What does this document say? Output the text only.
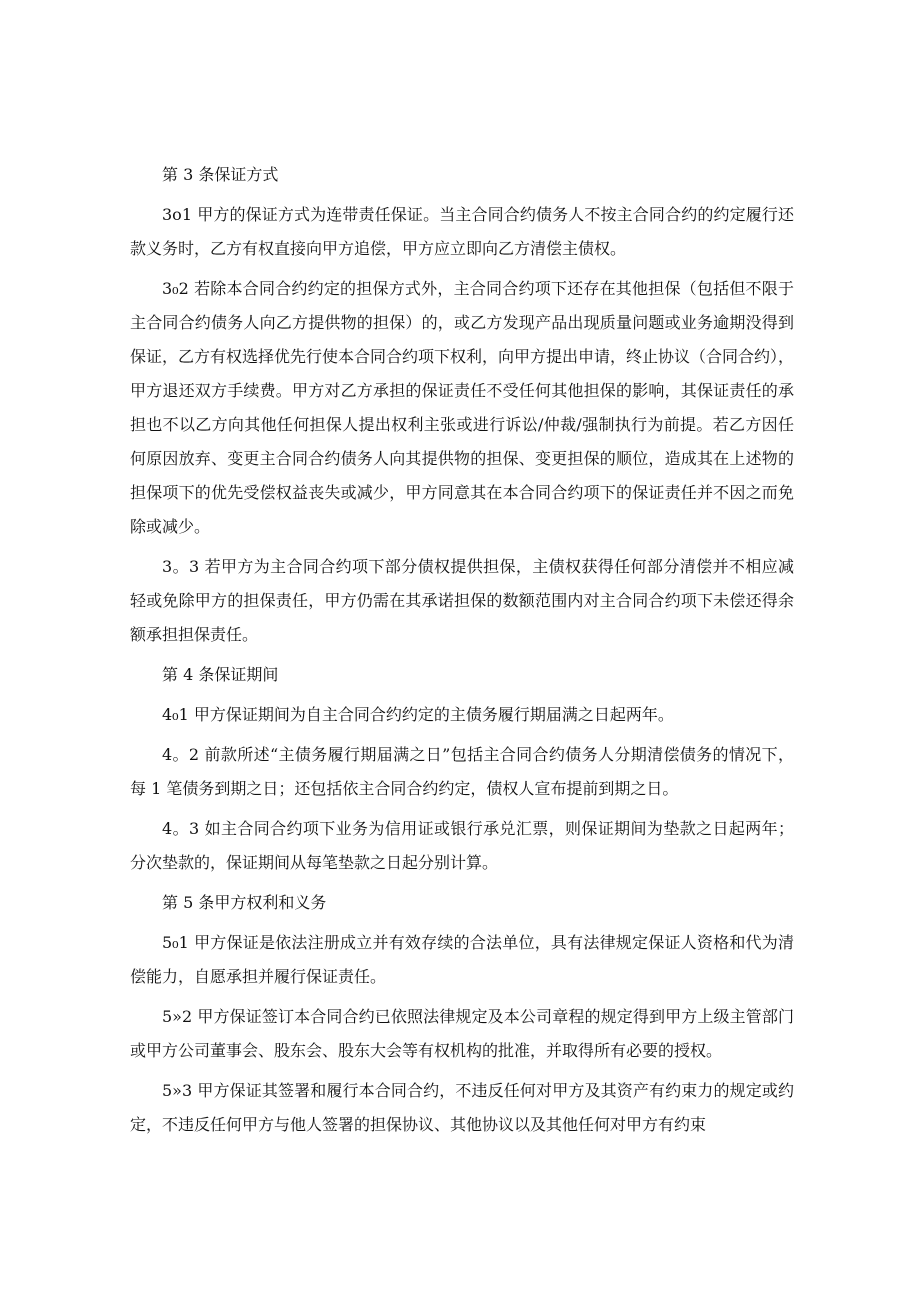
第 3 条保证方式

3o1 甲方的保证方式为连带责任保证。当主合同合约债务人不按主合同合约的约定履行还款义务时，乙方有权直接向甲方追偿，甲方应立即向乙方清偿主债权。

3₀2 若除本合同合约约定的担保方式外，主合同合约项下还存在其他担保（包括但不限于主合同合约债务人向乙方提供物的担保）的，或乙方发现产品出现质量问题或业务逾期没得到保证，乙方有权选择优先行使本合同合约项下权利，向甲方提出申请，终止协议（合同合约），甲方退还双方手续费。甲方对乙方承担的保证责任不受任何其他担保的影响，其保证责任的承担也不以乙方向其他任何担保人提出权利主张或进行诉讼/仲裁/强制执行为前提。若乙方因任何原因放弃、变更主合同合约债务人向其提供物的担保、变更担保的顺位，造成其在上述物的担保项下的优先受偿权益丧失或减少，甲方同意其在本合同合约项下的保证责任并不因之而免除或减少。

3。3 若甲方为主合同合约项下部分债权提供担保，主债权获得任何部分清偿并不相应减轻或免除甲方的担保责任，甲方仍需在其承诺担保的数额范围内对主合同合约项下未偿还得余额承担担保责任。

第 4 条保证期间

4₀1 甲方保证期间为自主合同合约约定的主债务履行期届满之日起两年。

4。2 前款所述“主债务履行期届满之日”包括主合同合约债务人分期清偿债务的情况下，每 1 笔债务到期之日；还包括依主合同合约约定，债权人宣布提前到期之日。

4。3 如主合同合约项下业务为信用证或银行承兑汇票，则保证期间为垫款之日起两年；分次垫款的，保证期间从每笔垫款之日起分别计算。

第 5 条甲方权利和义务

5₀1 甲方保证是依法注册成立并有效存续的合法单位，具有法律规定保证人资格和代为清偿能力，自愿承担并履行保证责任。

5»2 甲方保证签订本合同合约已依照法律规定及本公司章程的规定得到甲方上级主管部门或甲方公司董事会、股东会、股东大会等有权机构的批准，并取得所有必要的授权。

5»3 甲方保证其签署和履行本合同合约，不违反任何对甲方及其资产有约束力的规定或约定，不违反任何甲方与他人签署的担保协议、其他协议以及其他任何对甲方有约束
